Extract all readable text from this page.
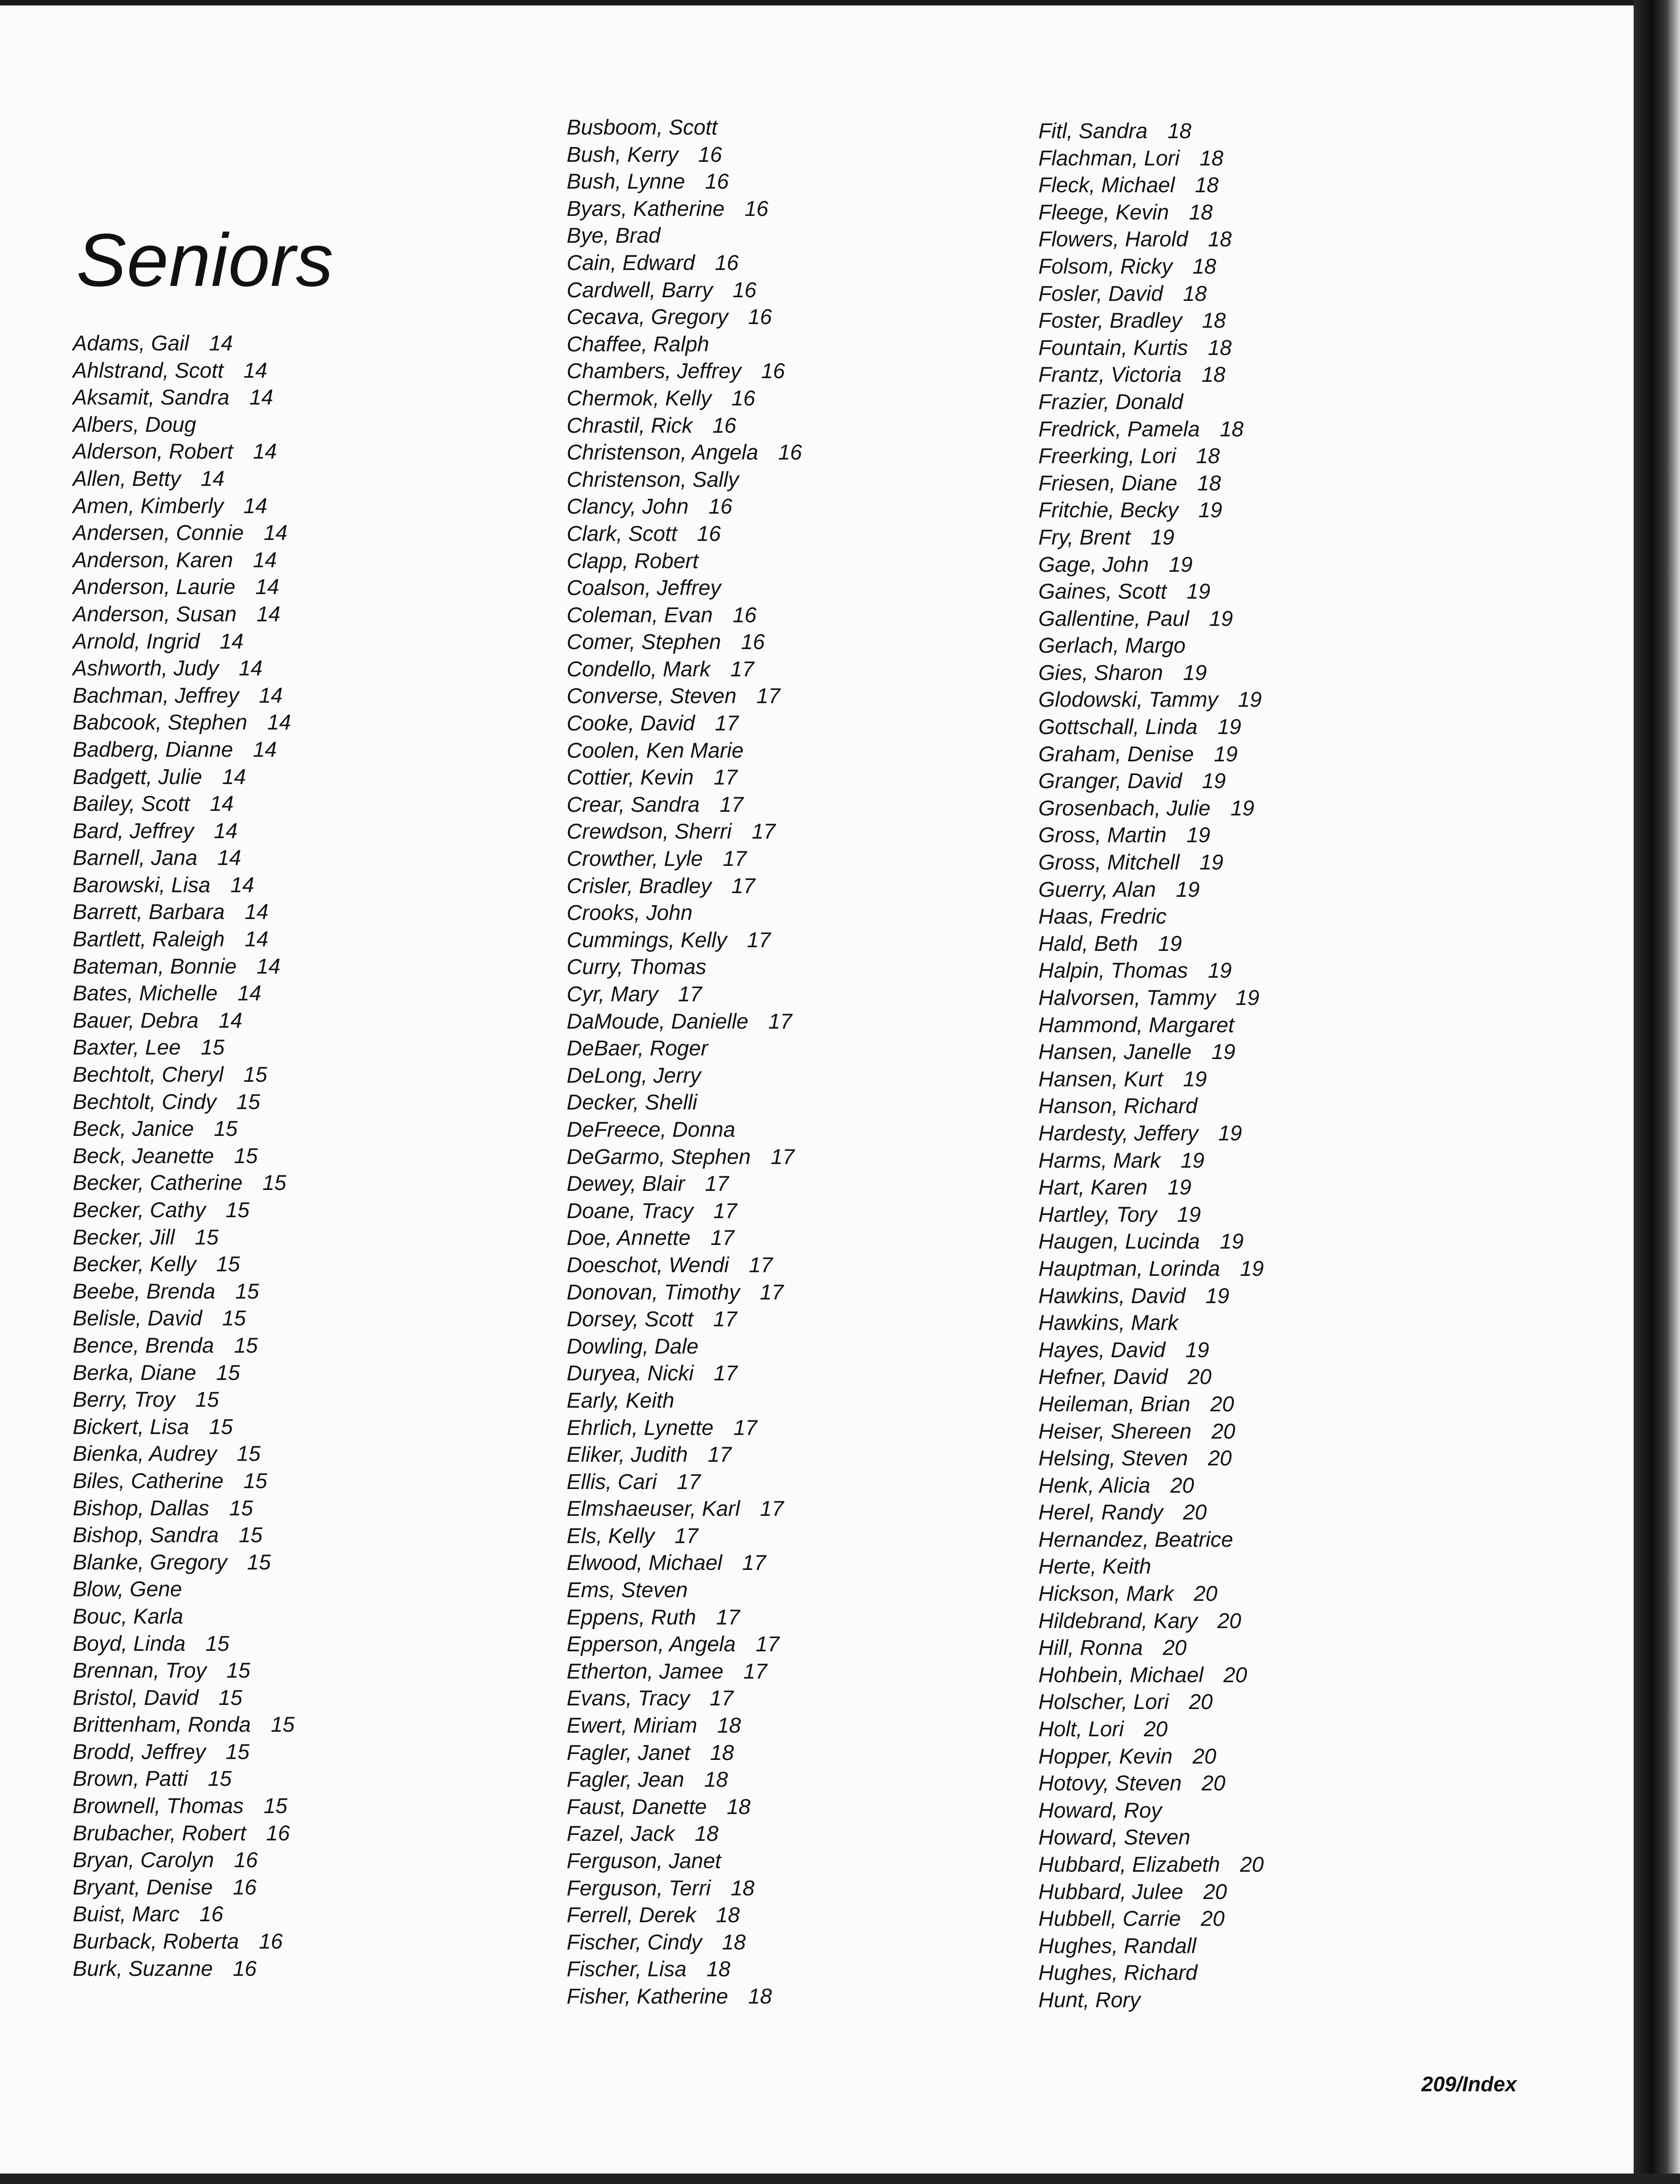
Seniors
Adams, Gail 14
Ahlstrand, Scott 14
Aksamit, Sandra 14
Albers, Doug
Alderson, Robert 14
Allen, Betty 14
Amen, Kimberly 14
Andersen, Connie 14
Anderson, Karen 14
Anderson, Laurie 14
Anderson, Susan 14
Arnold, Ingrid 14
Ashworth, Judy 14
Bachman, Jeffrey 14
Babcook, Stephen 14
Badberg, Dianne 14
Badgett, Julie 14
Bailey, Scott 14
Bard, Jeffrey 14
Barnell, Jana 14
Barowski, Lisa 14
Barrett, Barbara 14
Bartlett, Raleigh 14
Bateman, Bonnie 14
Bates, Michelle 14
Bauer, Debra 14
Baxter, Lee 15
Bechtolt, Cheryl 15
Bechtolt, Cindy 15
Beck, Janice 15
Beck, Jeanette 15
Becker, Catherine 15
Becker, Cathy 15
Becker, Jill 15
Becker, Kelly 15
Beebe, Brenda 15
Belisle, David 15
Bence, Brenda 15
Berka, Diane 15
Berry, Troy 15
Bickert, Lisa 15
Bienka, Audrey 15
Biles, Catherine 15
Bishop, Dallas 15
Bishop, Sandra 15
Blanke, Gregory 15
Blow, Gene
Bouc, Karla
Boyd, Linda 15
Brennan, Troy 15
Bristol, David 15
Brittenham, Ronda 15
Brodd, Jeffrey 15
Brown, Patti 15
Brownell, Thomas 15
Brubacher, Robert 16
Bryan, Carolyn 16
Bryant, Denise 16
Buist, Marc 16
Burback, Roberta 16
Burk, Suzanne 16
Busboom, Scott
Bush, Kerry 16
Bush, Lynne 16
Byars, Katherine 16
Bye, Brad
Cain, Edward 16
Cardwell, Barry 16
Cecava, Gregory 16
Chaffee, Ralph
Chambers, Jeffrey 16
Chermok, Kelly 16
Chrastil, Rick 16
Christenson, Angela 16
Christenson, Sally
Clancy, John 16
Clark, Scott 16
Clapp, Robert
Coalson, Jeffrey
Coleman, Evan 16
Comer, Stephen 16
Condello, Mark 17
Converse, Steven 17
Cooke, David 17
Coolen, Ken Marie
Cottier, Kevin 17
Crear, Sandra 17
Crewdson, Sherri 17
Crowther, Lyle 17
Crisler, Bradley 17
Crooks, John
Cummings, Kelly 17
Curry, Thomas
Cyr, Mary 17
DaMoude, Danielle 17
DeBaer, Roger
DeLong, Jerry
Decker, Shelli
DeFreece, Donna
DeGarmo, Stephen 17
Dewey, Blair 17
Doane, Tracy 17
Doe, Annette 17
Doeschot, Wendi 17
Donovan, Timothy 17
Dorsey, Scott 17
Dowling, Dale
Duryea, Nicki 17
Early, Keith
Ehrlich, Lynette 17
Eliker, Judith 17
Ellis, Cari 17
Elmshaeuser, Karl 17
Els, Kelly 17
Elwood, Michael 17
Ems, Steven
Eppens, Ruth 17
Epperson, Angela 17
Etherton, Jamee 17
Evans, Tracy 17
Ewert, Miriam 18
Fagler, Janet 18
Fagler, Jean 18
Faust, Danette 18
Fazel, Jack 18
Ferguson, Janet
Ferguson, Terri 18
Ferrell, Derek 18
Fischer, Cindy 18
Fischer, Lisa 18
Fisher, Katherine 18
Fitl, Sandra 18
Flachman, Lori 18
Fleck, Michael 18
Fleege, Kevin 18
Flowers, Harold 18
Folsom, Ricky 18
Fosler, David 18
Foster, Bradley 18
Fountain, Kurtis 18
Frantz, Victoria 18
Frazier, Donald
Fredrick, Pamela 18
Freerking, Lori 18
Friesen, Diane 18
Fritchie, Becky 19
Fry, Brent 19
Gage, John 19
Gaines, Scott 19
Gallentine, Paul 19
Gerlach, Margo
Gies, Sharon 19
Glodowski, Tammy 19
Gottschall, Linda 19
Graham, Denise 19
Granger, David 19
Grosenbach, Julie 19
Gross, Martin 19
Gross, Mitchell 19
Guerry, Alan 19
Haas, Fredric
Hald, Beth 19
Halpin, Thomas 19
Halvorsen, Tammy 19
Hammond, Margaret
Hansen, Janelle 19
Hansen, Kurt 19
Hanson, Richard
Hardesty, Jeffery 19
Harms, Mark 19
Hart, Karen 19
Hartley, Tory 19
Haugen, Lucinda 19
Hauptman, Lorinda 19
Hawkins, David 19
Hawkins, Mark
Hayes, David 19
Hefner, David 20
Heileman, Brian 20
Heiser, Shereen 20
Helsing, Steven 20
Henk, Alicia 20
Herel, Randy 20
Hernandez, Beatrice
Herte, Keith
Hickson, Mark 20
Hildebrand, Kary 20
Hill, Ronna 20
Hohbein, Michael 20
Holscher, Lori 20
Holt, Lori 20
Hopper, Kevin 20
Hotovy, Steven 20
Howard, Roy
Howard, Steven
Hubbard, Elizabeth 20
Hubbard, Julee 20
Hubbell, Carrie 20
Hughes, Randall
Hughes, Richard
Hunt, Rory
209/Index
